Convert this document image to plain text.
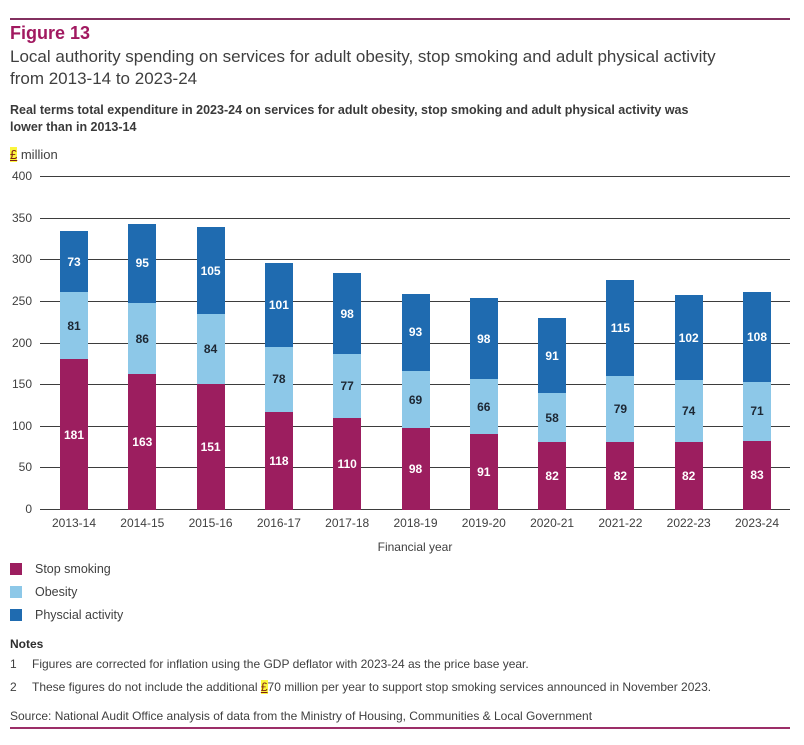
Figure 13
Local authority spending on services for adult obesity, stop smoking and adult physical activity from 2013-14 to 2023-24
Real terms total expenditure in 2023-24 on services for adult obesity, stop smoking and adult physical activity was lower than in 2013-14
£ million
0
50
100
150
200
250
300
350
400
181
81
73
2013-14
163
86
95
2014-15
151
84
105
2015-16
118
78
101
2016-17
110
77
98
2017-18
98
69
93
2018-19
91
66
98
2019-20
82
58
91
2020-21
82
79
115
2021-22
82
74
102
2022-23
83
71
108
2023-24
Financial year
Stop smoking
Obesity
Physcial activity
Notes
1	Figures are corrected for inflation using the GDP deflator with 2023-24 as the price base year.
2	These figures do not include the additional £70 million per year to support stop smoking services announced in November 2023.
Source: National Audit Office analysis of data from the Ministry of Housing, Communities & Local Government
